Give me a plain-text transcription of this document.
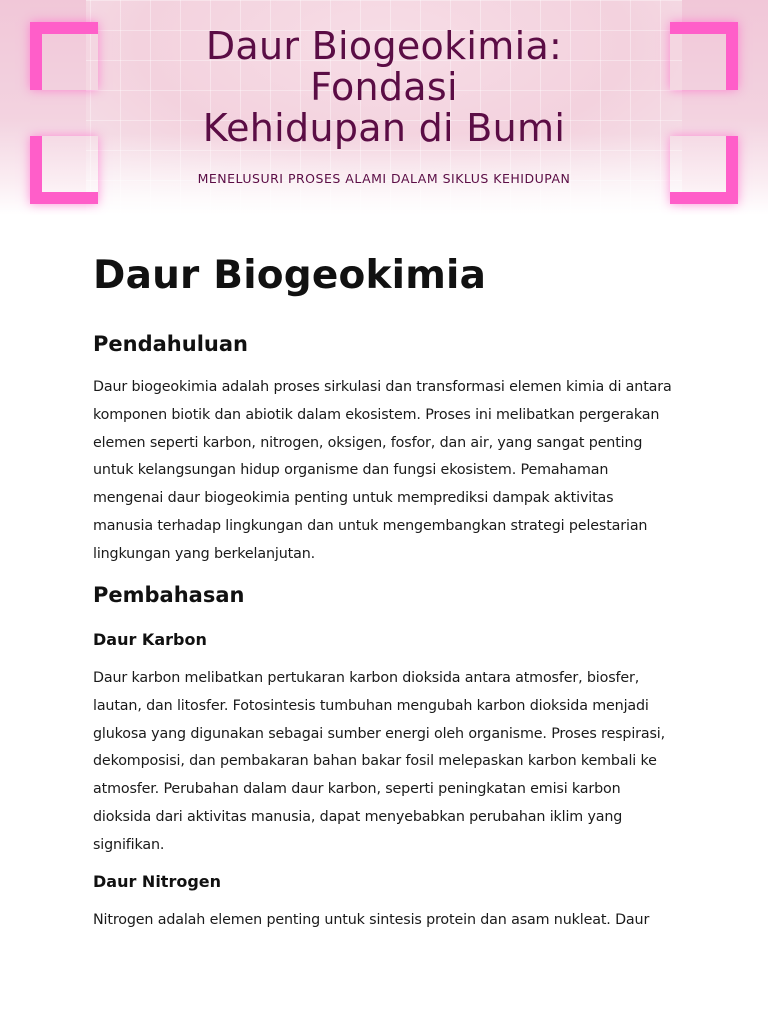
Daur Biogeokimia:
Fondasi
Kehidupan di Bumi

MENELUSURI PROSES ALAMI DALAM SIKLUS KEHIDUPAN

Daur Biogeokimia
Pendahuluan

Daur biogeokimia adalah proses sirkulasi dan transformasi elemen kimia di antara komponen biotik dan abiotik dalam ekosistem. Proses ini melibatkan pergerakan elemen seperti karbon, nitrogen, oksigen, fosfor, dan air, yang sangat penting untuk kelangsungan hidup organisme dan fungsi ekosistem. Pemahaman mengenai daur biogeokimia penting untuk memprediksi dampak aktivitas manusia terhadap lingkungan dan untuk mengembangkan strategi pelestarian lingkungan yang berkelanjutan.

Pembahasan
Daur Karbon

Daur karbon melibatkan pertukaran karbon dioksida antara atmosfer, biosfer, lautan, dan litosfer. Fotosintesis tumbuhan mengubah karbon dioksida menjadi glukosa yang digunakan sebagai sumber energi oleh organisme. Proses respirasi, dekomposisi, dan pembakaran bahan bakar fosil melepaskan karbon kembali ke atmosfer. Perubahan dalam daur karbon, seperti peningkatan emisi karbon dioksida dari aktivitas manusia, dapat menyebabkan perubahan iklim yang signifikan.

Daur Nitrogen

Nitrogen adalah elemen penting untuk sintesis protein dan asam nukleat. Daur
